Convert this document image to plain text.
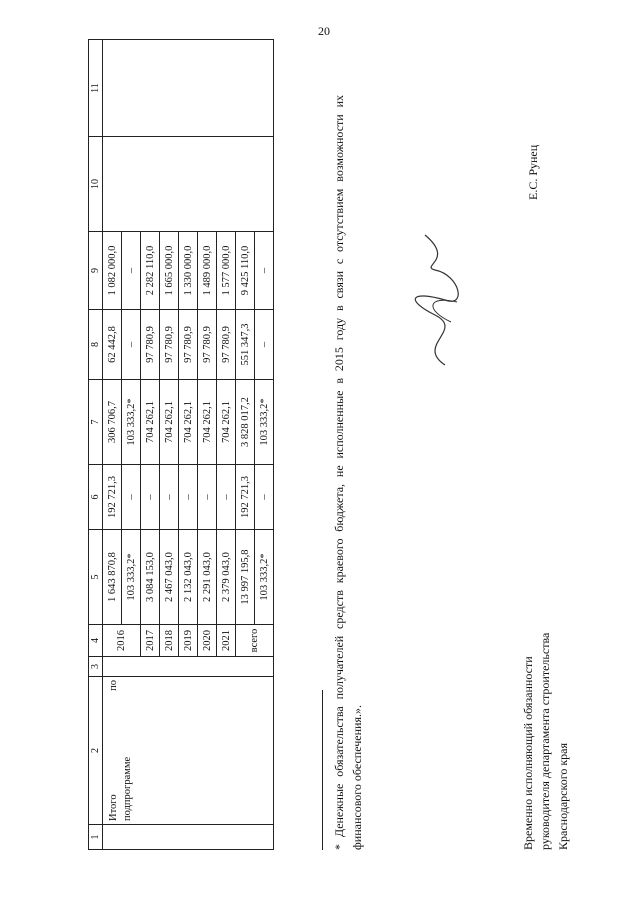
20
1	2	3	4	5	6	7	8	9	10	11

	Итого
по
подпрограмме		2016	1 643 870,8	192 721,3	306 706,7	62 442,8	1 082 000,0		
				103 333,2*	–	103 333,2*	–	–		
			2017	3 084 153,0	–	704 262,1	97 780,9	2 282 110,0		
			2018	2 467 043,0	–	704 262,1	97 780,9	1 665 000,0		
			2019	2 132 043,0	–	704 262,1	97 780,9	1 330 000,0		
			2020	2 291 043,0	–	704 262,1	97 780,9	1 489 000,0		
			2021	2 379 043,0	–	704 262,1	97 780,9	1 577 000,0		
			всего	13 997 195,8	192 721,3	3 828 017,2	551 347,3	9 425 110,0		
				103 333,2*	–	103 333,2*	–	–			* Денежные обязательства получателей средств краевого бюджета, не исполненные в 2015 году в связи с отсутствием возможности их финансового обеспечения.».	Временно исполняющий обязанности руководителя департамента строительства Краснодарского края
Е.С. Рунец
